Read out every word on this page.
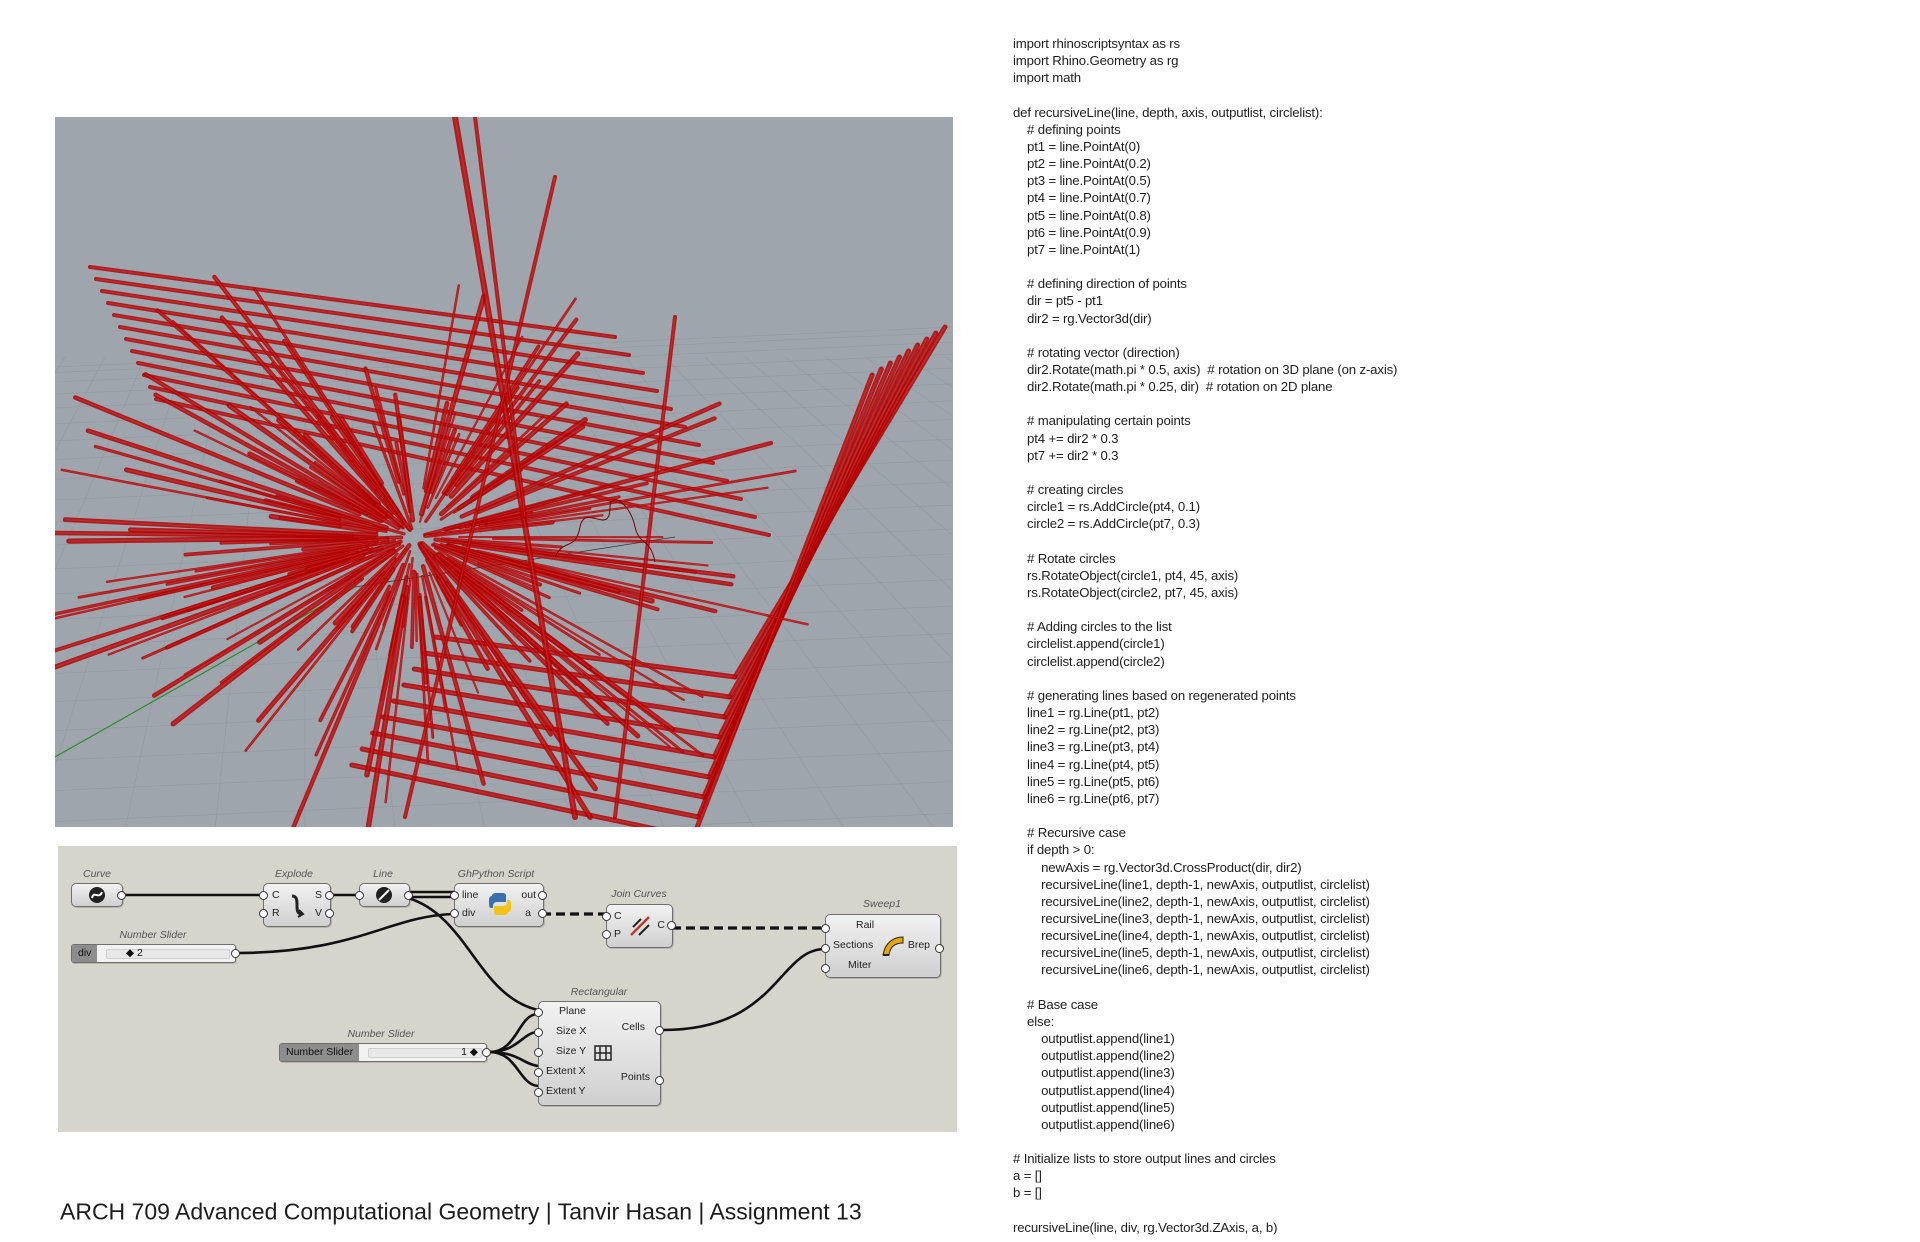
Curve	Explode
C
R
S
V
Line	GhPython Script
line
div
out
a
Join Curves
C
P
C
Sweep1
Rail
Sections
Miter
Brep
Rectangular
Plane
Size X
Size Y
Extent X
Extent Y
Cells
Points
Number Slider
div	◆ 2
Number Slider
Number Slider	1 ◆
import rhinoscriptsyntax as rs
import Rhino.Geometry as rg
import math

def recursiveLine(line, depth, axis, outputlist, circlelist):
# defining points
pt1 = line.PointAt(0)
pt2 = line.PointAt(0.2)
pt3 = line.PointAt(0.5)
pt4 = line.PointAt(0.7)
pt5 = line.PointAt(0.8)
pt6 = line.PointAt(0.9)
pt7 = line.PointAt(1)

# defining direction of points
dir = pt5 - pt1
dir2 = rg.Vector3d(dir)

# rotating vector (direction)
dir2.Rotate(math.pi * 0.5, axis)  # rotation on 3D plane (on z-axis)
dir2.Rotate(math.pi * 0.25, dir)  # rotation on 2D plane

# manipulating certain points
pt4 += dir2 * 0.3
pt7 += dir2 * 0.3

# creating circles
circle1 = rs.AddCircle(pt4, 0.1)
circle2 = rs.AddCircle(pt7, 0.3)

# Rotate circles
rs.RotateObject(circle1, pt4, 45, axis)
rs.RotateObject(circle2, pt7, 45, axis)

# Adding circles to the list
circlelist.append(circle1)
circlelist.append(circle2)

# generating lines based on regenerated points
line1 = rg.Line(pt1, pt2)
line2 = rg.Line(pt2, pt3)
line3 = rg.Line(pt3, pt4)
line4 = rg.Line(pt4, pt5)
line5 = rg.Line(pt5, pt6)
line6 = rg.Line(pt6, pt7)

# Recursive case
if depth > 0:
newAxis = rg.Vector3d.CrossProduct(dir, dir2)
recursiveLine(line1, depth-1, newAxis, outputlist, circlelist)
recursiveLine(line2, depth-1, newAxis, outputlist, circlelist)
recursiveLine(line3, depth-1, newAxis, outputlist, circlelist)
recursiveLine(line4, depth-1, newAxis, outputlist, circlelist)
recursiveLine(line5, depth-1, newAxis, outputlist, circlelist)
recursiveLine(line6, depth-1, newAxis, outputlist, circlelist)

# Base case
else:
outputlist.append(line1)
outputlist.append(line2)
outputlist.append(line3)
outputlist.append(line4)
outputlist.append(line5)
outputlist.append(line6)

# Initialize lists to store output lines and circles
a = []
b = []

recursiveLine(line, div, rg.Vector3d.ZAxis, a, b)
ARCH 709 Advanced Computational Geometry | Tanvir Hasan | Assignment 13
